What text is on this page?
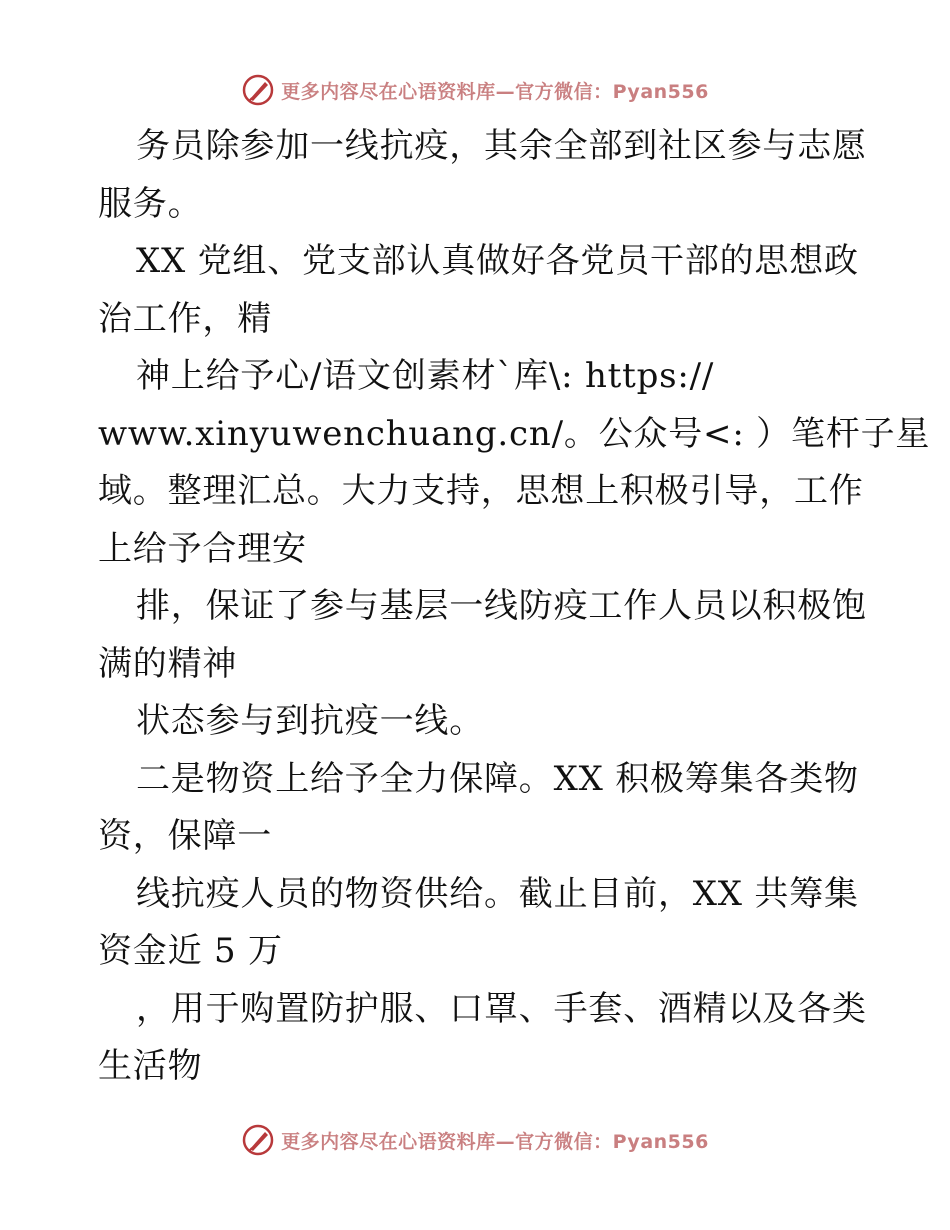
更多内容尽在心语资料库—官方微信：Pyan556
务员除参加一线抗疫，其余全部到社区参与志愿
服务。
XX 党组、党支部认真做好各党员干部的思想政
治工作，精
神上给予心/语文创素材`库\: https://
www.xinyuwenchuang.cn/。公众号<: ）笔杆子星
域。整理汇总。大力支持，思想上积极引导，工作
上给予合理安
排，保证了参与基层一线防疫工作人员以积极饱
满的精神
状态参与到抗疫一线。
二是物资上给予全力保障。XX 积极筹集各类物
资，保障一
线抗疫人员的物资供给。截止目前，XX 共筹集
资金近 5 万
，用于购置防护服、口罩、手套、酒精以及各类
生活物
更多内容尽在心语资料库—官方微信：Pyan556
